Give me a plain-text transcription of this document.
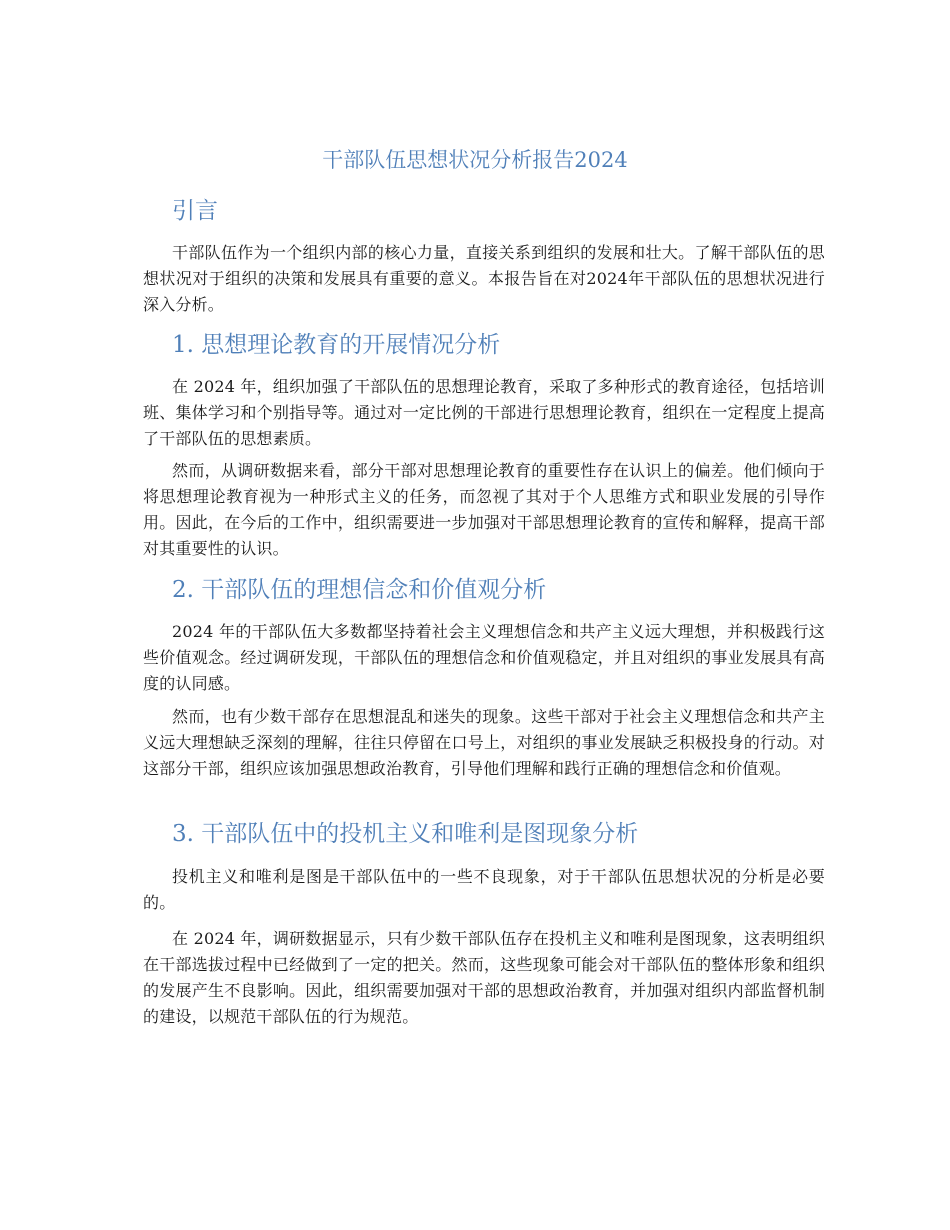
干部队伍思想状况分析报告2024
引言

干部队伍作为一个组织内部的核心力量，直接关系到组织的发展和壮大。了解干部队伍的思想状况对于组织的决策和发展具有重要的意义。本报告旨在对2024年干部队伍的思想状况进行深入分析。

1. 思想理论教育的开展情况分析

在 2024 年，组织加强了干部队伍的思想理论教育，采取了多种形式的教育途径，包括培训班、集体学习和个别指导等。通过对一定比例的干部进行思想理论教育，组织在一定程度上提高了干部队伍的思想素质。

然而，从调研数据来看，部分干部对思想理论教育的重要性存在认识上的偏差。他们倾向于将思想理论教育视为一种形式主义的任务，而忽视了其对于个人思维方式和职业发展的引导作用。因此，在今后的工作中，组织需要进一步加强对干部思想理论教育的宣传和解释，提高干部对其重要性的认识。

2. 干部队伍的理想信念和价值观分析

2024 年的干部队伍大多数都坚持着社会主义理想信念和共产主义远大理想，并积极践行这些价值观念。经过调研发现，干部队伍的理想信念和价值观稳定，并且对组织的事业发展具有高度的认同感。

然而，也有少数干部存在思想混乱和迷失的现象。这些干部对于社会主义理想信念和共产主义远大理想缺乏深刻的理解，往往只停留在口号上，对组织的事业发展缺乏积极投身的行动。对这部分干部，组织应该加强思想政治教育，引导他们理解和践行正确的理想信念和价值观。

3. 干部队伍中的投机主义和唯利是图现象分析

投机主义和唯利是图是干部队伍中的一些不良现象，对于干部队伍思想状况的分析是必要的。

在 2024 年，调研数据显示，只有少数干部队伍存在投机主义和唯利是图现象，这表明组织在干部选拔过程中已经做到了一定的把关。然而，这些现象可能会对干部队伍的整体形象和组织的发展产生不良影响。因此，组织需要加强对干部的思想政治教育，并加强对组织内部监督机制的建设，以规范干部队伍的行为规范。
